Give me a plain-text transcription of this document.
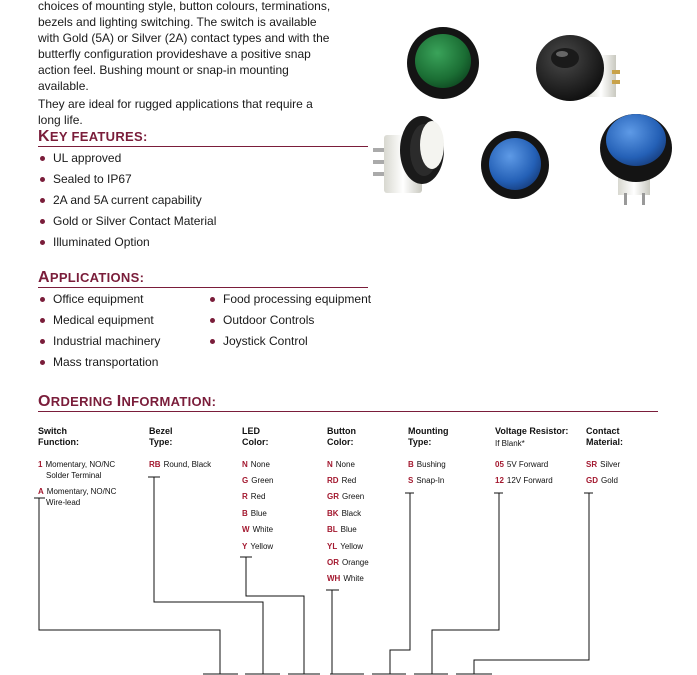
choices of mounting style, button colours, terminations, bezels and lighting switching. The switch is available with Gold (5A) or Silver (2A) contact types and with the butterfly configuration provideshave a positive snap action feel. Bushing mount or snap-in mounting available.

They are ideal for rugged applications that require a long life.

KEY FEATURES:
UL approved
Sealed to IP67
2A and 5A current capability
Gold or Silver Contact Material
Illuminated Option
APPLICATIONS:
Office equipment
Medical equipment
Industrial machinery
Mass transportation
Food processing equipment
Outdoor Controls
Joystick Control
ORDERING INFORMATION:
Switch
Function:
1 Momentary, NO/NC
Solder Terminal
A Momentary, NO/NC
Wire-lead
Bezel
Type:
RB Round, Black
LED
Color:
N None
G Green
R Red
B Blue
W White
Y Yellow
Button
Color:
N None
RD Red
GR Green
BK Black
BL Blue
YL Yellow
OR Orange
WH White
Mounting
Type:
B Bushing
S Snap-In
Voltage Resistor:
If Blank*
05 5V Forward
12 12V Forward
Contact
Material:
SR Silver
GD Gold
